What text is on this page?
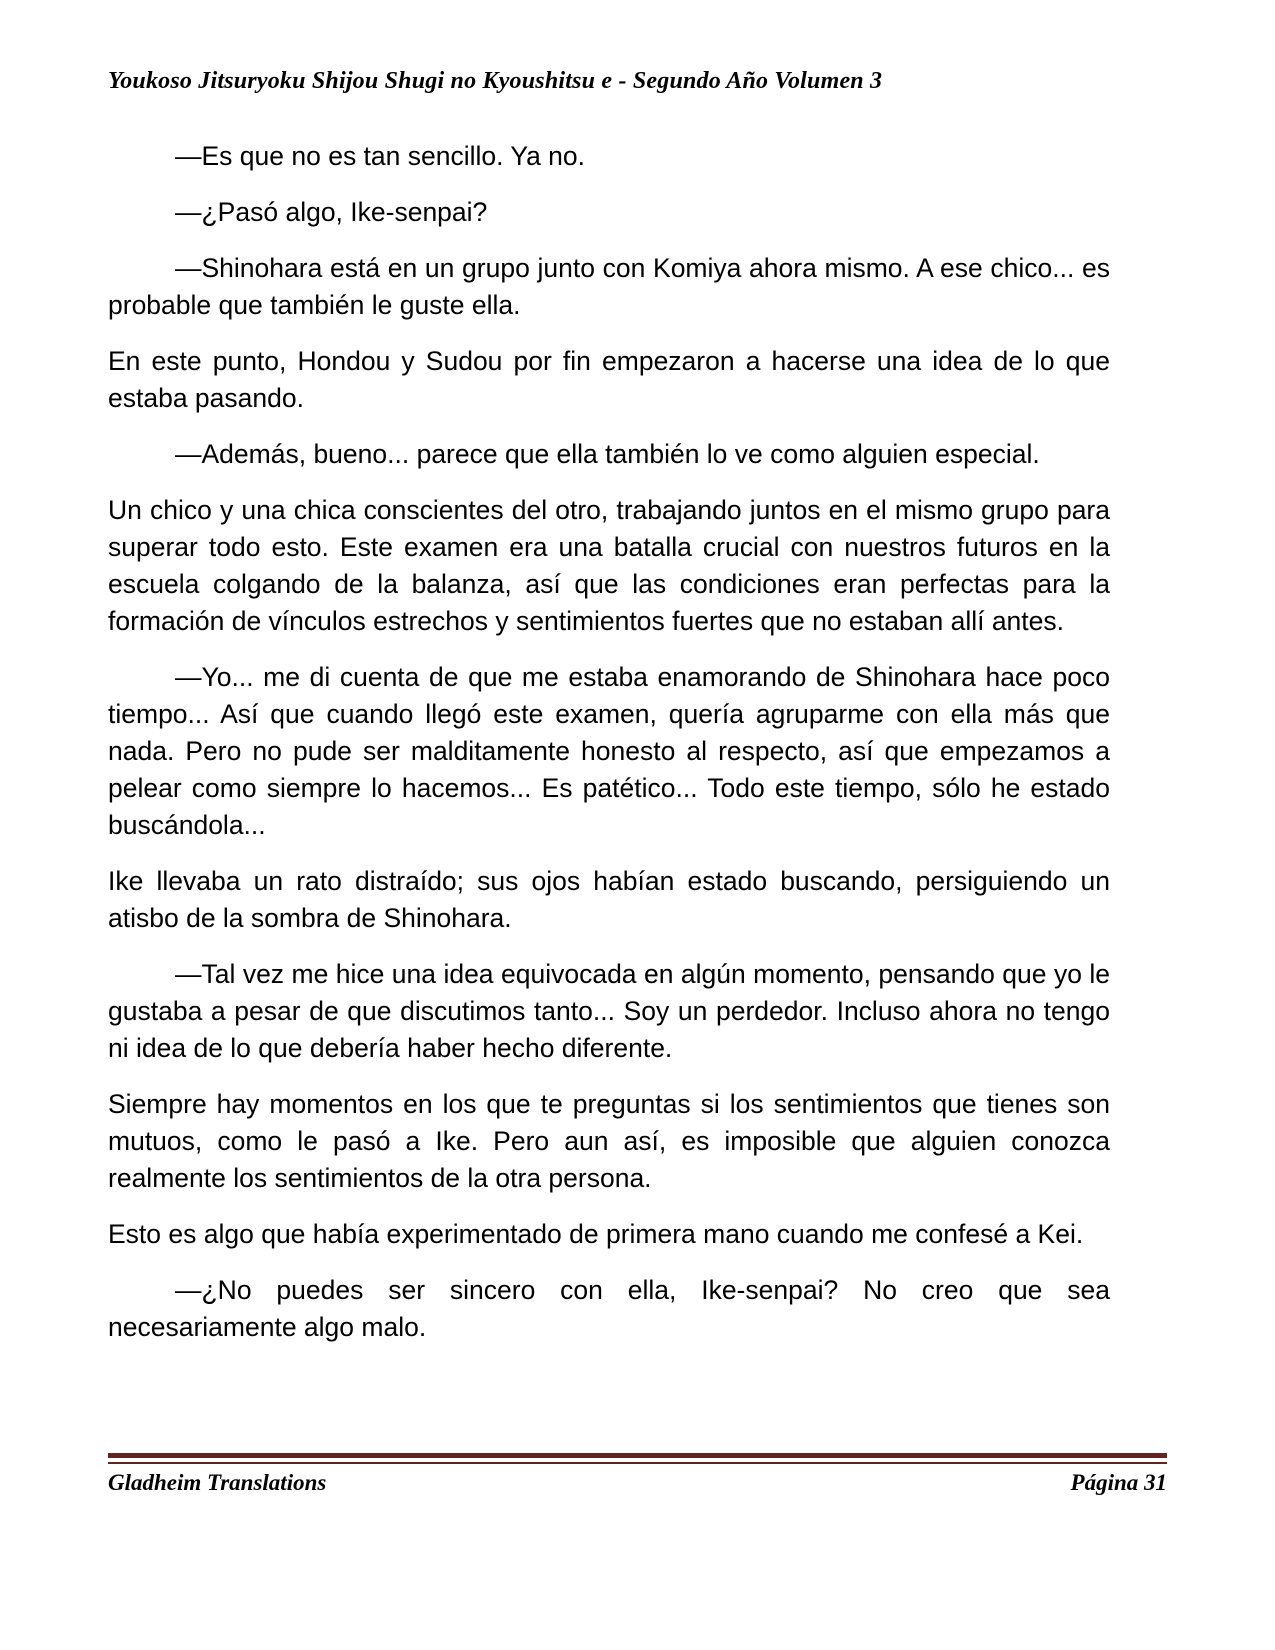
Youkoso Jitsuryoku Shijou Shugi no Kyoushitsu e - Segundo Año Volumen 3

—Es que no es tan sencillo. Ya no.

—¿Pasó algo, Ike-senpai?

—Shinohara está en un grupo junto con Komiya ahora mismo. A ese chico... es probable que también le guste ella.

En este punto, Hondou y Sudou por fin empezaron a hacerse una idea de lo que estaba pasando.

—Además, bueno... parece que ella también lo ve como alguien especial.

Un chico y una chica conscientes del otro, trabajando juntos en el mismo grupo para superar todo esto. Este examen era una batalla crucial con nuestros futuros en la escuela colgando de la balanza, así que las condiciones eran perfectas para la formación de vínculos estrechos y sentimientos fuertes que no estaban allí antes.

—Yo... me di cuenta de que me estaba enamorando de Shinohara hace poco tiempo... Así que cuando llegó este examen, quería agruparme con ella más que nada. Pero no pude ser malditamente honesto al respecto, así que empezamos a pelear como siempre lo hacemos... Es patético... Todo este tiempo, sólo he estado buscándola...

Ike llevaba un rato distraído; sus ojos habían estado buscando, persiguiendo un atisbo de la sombra de Shinohara.

—Tal vez me hice una idea equivocada en algún momento, pensando que yo le gustaba a pesar de que discutimos tanto... Soy un perdedor. Incluso ahora no tengo ni idea de lo que debería haber hecho diferente.

Siempre hay momentos en los que te preguntas si los sentimientos que tienes son mutuos, como le pasó a Ike. Pero aun así, es imposible que alguien conozca realmente los sentimientos de la otra persona.

Esto es algo que había experimentado de primera mano cuando me confesé a Kei.

—¿No puedes ser sincero con ella, Ike-senpai? No creo que sea necesariamente algo malo.

Gladheim Translations	Página 31
